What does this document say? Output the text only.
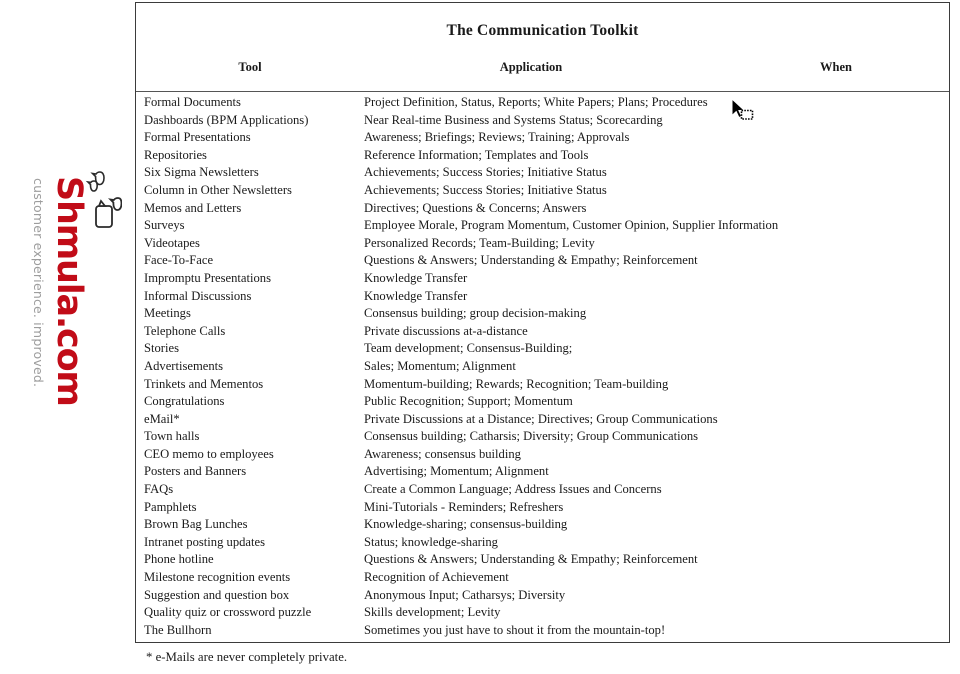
Shmula.com
customer experience. improved.
The Communication Toolkit
Tool	Application	When
Formal Documents	Project Definition, Status, Reports; White Papers; Plans; Procedures
Dashboards (BPM Applications)	Near Real-time Business and Systems Status; Scorecarding
Formal Presentations	Awareness; Briefings; Reviews; Training; Approvals
Repositories	Reference Information; Templates and Tools
Six Sigma Newsletters	Achievements; Success Stories; Initiative Status
Column in Other Newsletters	Achievements; Success Stories; Initiative Status
Memos and Letters	Directives; Questions & Concerns; Answers
Surveys	Employee Morale, Program Momentum, Customer Opinion, Supplier Information
Videotapes	Personalized Records; Team-Building; Levity
Face-To-Face	Questions & Answers; Understanding & Empathy; Reinforcement
Impromptu Presentations	Knowledge Transfer
Informal Discussions	Knowledge Transfer
Meetings	Consensus building; group decision-making
Telephone Calls	Private discussions at-a-distance
Stories	Team development; Consensus-Building;
Advertisements	Sales; Momentum; Alignment
Trinkets and Mementos	Momentum-building; Rewards; Recognition; Team-building
Congratulations	Public Recognition; Support; Momentum
eMail*	Private Discussions at a Distance; Directives; Group Communications
Town halls	Consensus building; Catharsis; Diversity; Group Communications
CEO memo to employees	Awareness; consensus building
Posters and Banners	Advertising; Momentum; Alignment
FAQs	Create a Common Language; Address Issues and Concerns
Pamphlets	Mini-Tutorials - Reminders; Refreshers
Brown Bag Lunches	Knowledge-sharing; consensus-building
Intranet posting updates	Status; knowledge-sharing
Phone hotline	Questions & Answers; Understanding & Empathy; Reinforcement
Milestone recognition events	Recognition of Achievement
Suggestion and question box	Anonymous Input; Catharsys; Diversity
Quality quiz or crossword puzzle	Skills development; Levity
The Bullhorn	Sometimes you just have to shout it from the mountain-top!
* e-Mails are never completely private.
